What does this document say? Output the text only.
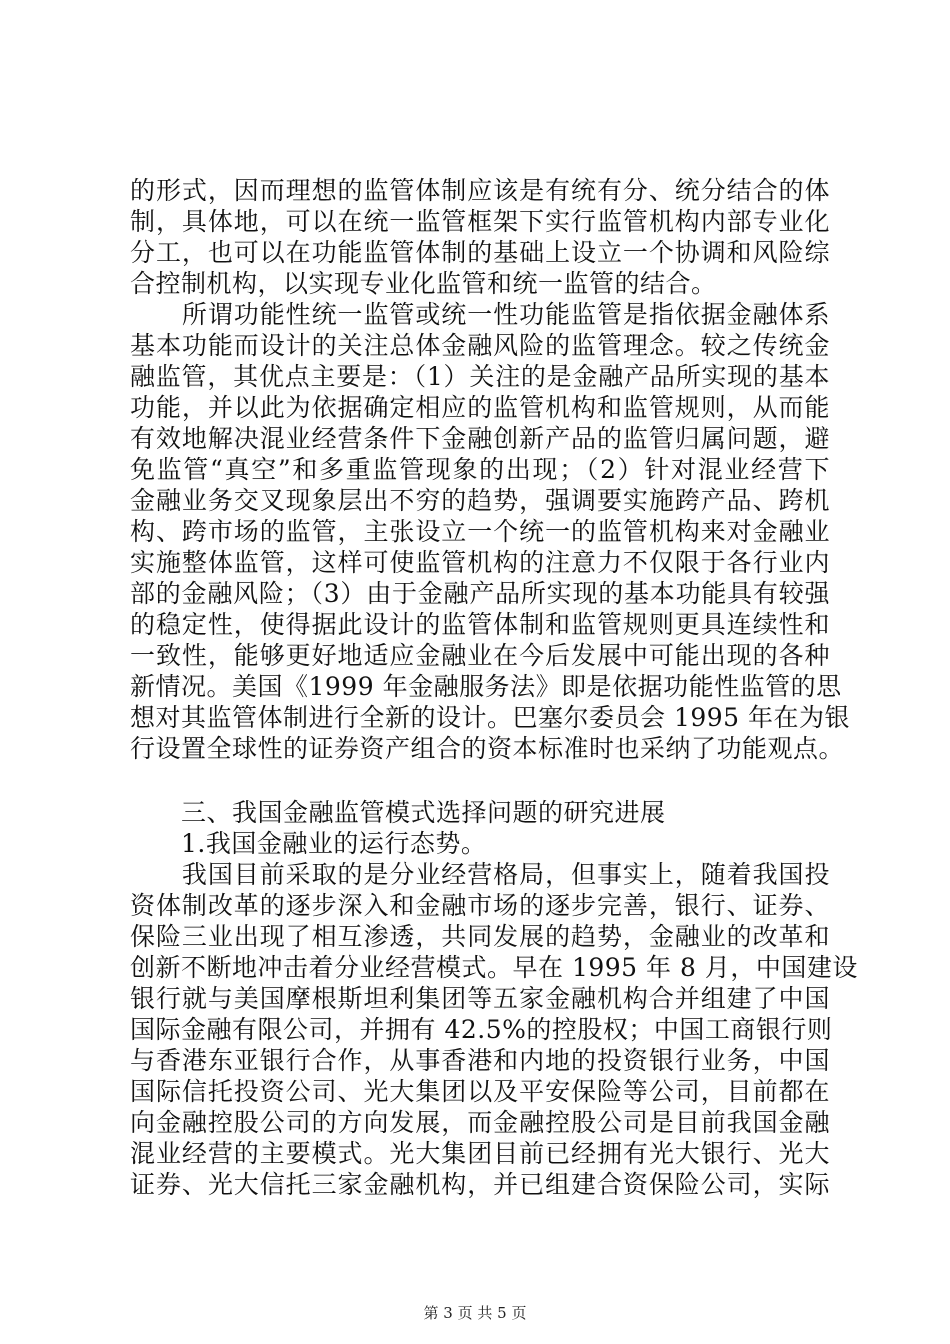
的形式，因而理想的监管体制应该是有统有分、统分结合的体
制，具体地，可以在统一监管框架下实行监管机构内部专业化
分工，也可以在功能监管体制的基础上设立一个协调和风险综
合控制机构，以实现专业化监管和统一监管的结合。
　　所谓功能性统一监管或统一性功能监管是指依据金融体系
基本功能而设计的关注总体金融风险的监管理念。较之传统金
融监管，其优点主要是：（1）关注的是金融产品所实现的基本
功能，并以此为依据确定相应的监管机构和监管规则，从而能
有效地解决混业经营条件下金融创新产品的监管归属问题，避
免监管“真空”和多重监管现象的出现；（2）针对混业经营下
金融业务交叉现象层出不穷的趋势，强调要实施跨产品、跨机
构、跨市场的监管，主张设立一个统一的监管机构来对金融业
实施整体监管，这样可使监管机构的注意力不仅限于各行业内
部的金融风险；（3）由于金融产品所实现的基本功能具有较强
的稳定性，使得据此设计的监管体制和监管规则更具连续性和
一致性，能够更好地适应金融业在今后发展中可能出现的各种
新情况。美国《1999 年金融服务法》即是依据功能性监管的思
想对其监管体制进行全新的设计。巴塞尔委员会 1995 年在为银
行设置全球性的证券资产组合的资本标准时也采纳了功能观点。
　　三、我国金融监管模式选择问题的研究进展
　　1.我国金融业的运行态势。
　　我国目前采取的是分业经营格局，但事实上，随着我国投
资体制改革的逐步深入和金融市场的逐步完善，银行、证券、
保险三业出现了相互渗透，共同发展的趋势，金融业的改革和
创新不断地冲击着分业经营模式。早在 1995 年 8 月，中国建设
银行就与美国摩根斯坦利集团等五家金融机构合并组建了中国
国际金融有限公司，并拥有 42.5%的控股权；中国工商银行则
与香港东亚银行合作，从事香港和内地的投资银行业务，中国
国际信托投资公司、光大集团以及平安保险等公司，目前都在
向金融控股公司的方向发展，而金融控股公司是目前我国金融
混业经营的主要模式。光大集团目前已经拥有光大银行、光大
证券、光大信托三家金融机构，并已组建合资保险公司，实际
第 3 页 共 5 页
